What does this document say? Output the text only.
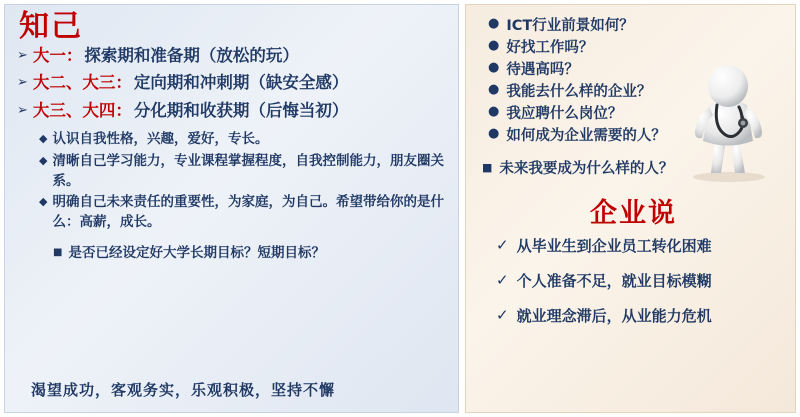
知己
➢ 大一： 探索期和准备期（放松的玩）
➢ 大二、大三： 定向期和冲刺期（缺安全感）
➢ 大三、大四： 分化期和收获期（后悔当初）
◆ 认识自我性格，兴趣，爱好，专长。
◆ 清晰自己学习能力，专业课程掌握程度，自我控制能力，朋友圈关系。
◆ 明确自己未来责任的重要性，为家庭，为自己。希望带给你的是什么：高薪，成长。
■ 是否已经设定好大学长期目标？短期目标？
渴望成功，客观务实，乐观积极，坚持不懈
● ICT行业前景如何？
● 好找工作吗？
● 待遇高吗？
● 我能去什么样的企业？
● 我应聘什么岗位？
● 如何成为企业需要的人？
■ 未来我要成为什么样的人？
企业说
✓ 从毕业生到企业员工转化困难
✓ 个人准备不足，就业目标模糊
✓ 就业理念滞后，从业能力危机
